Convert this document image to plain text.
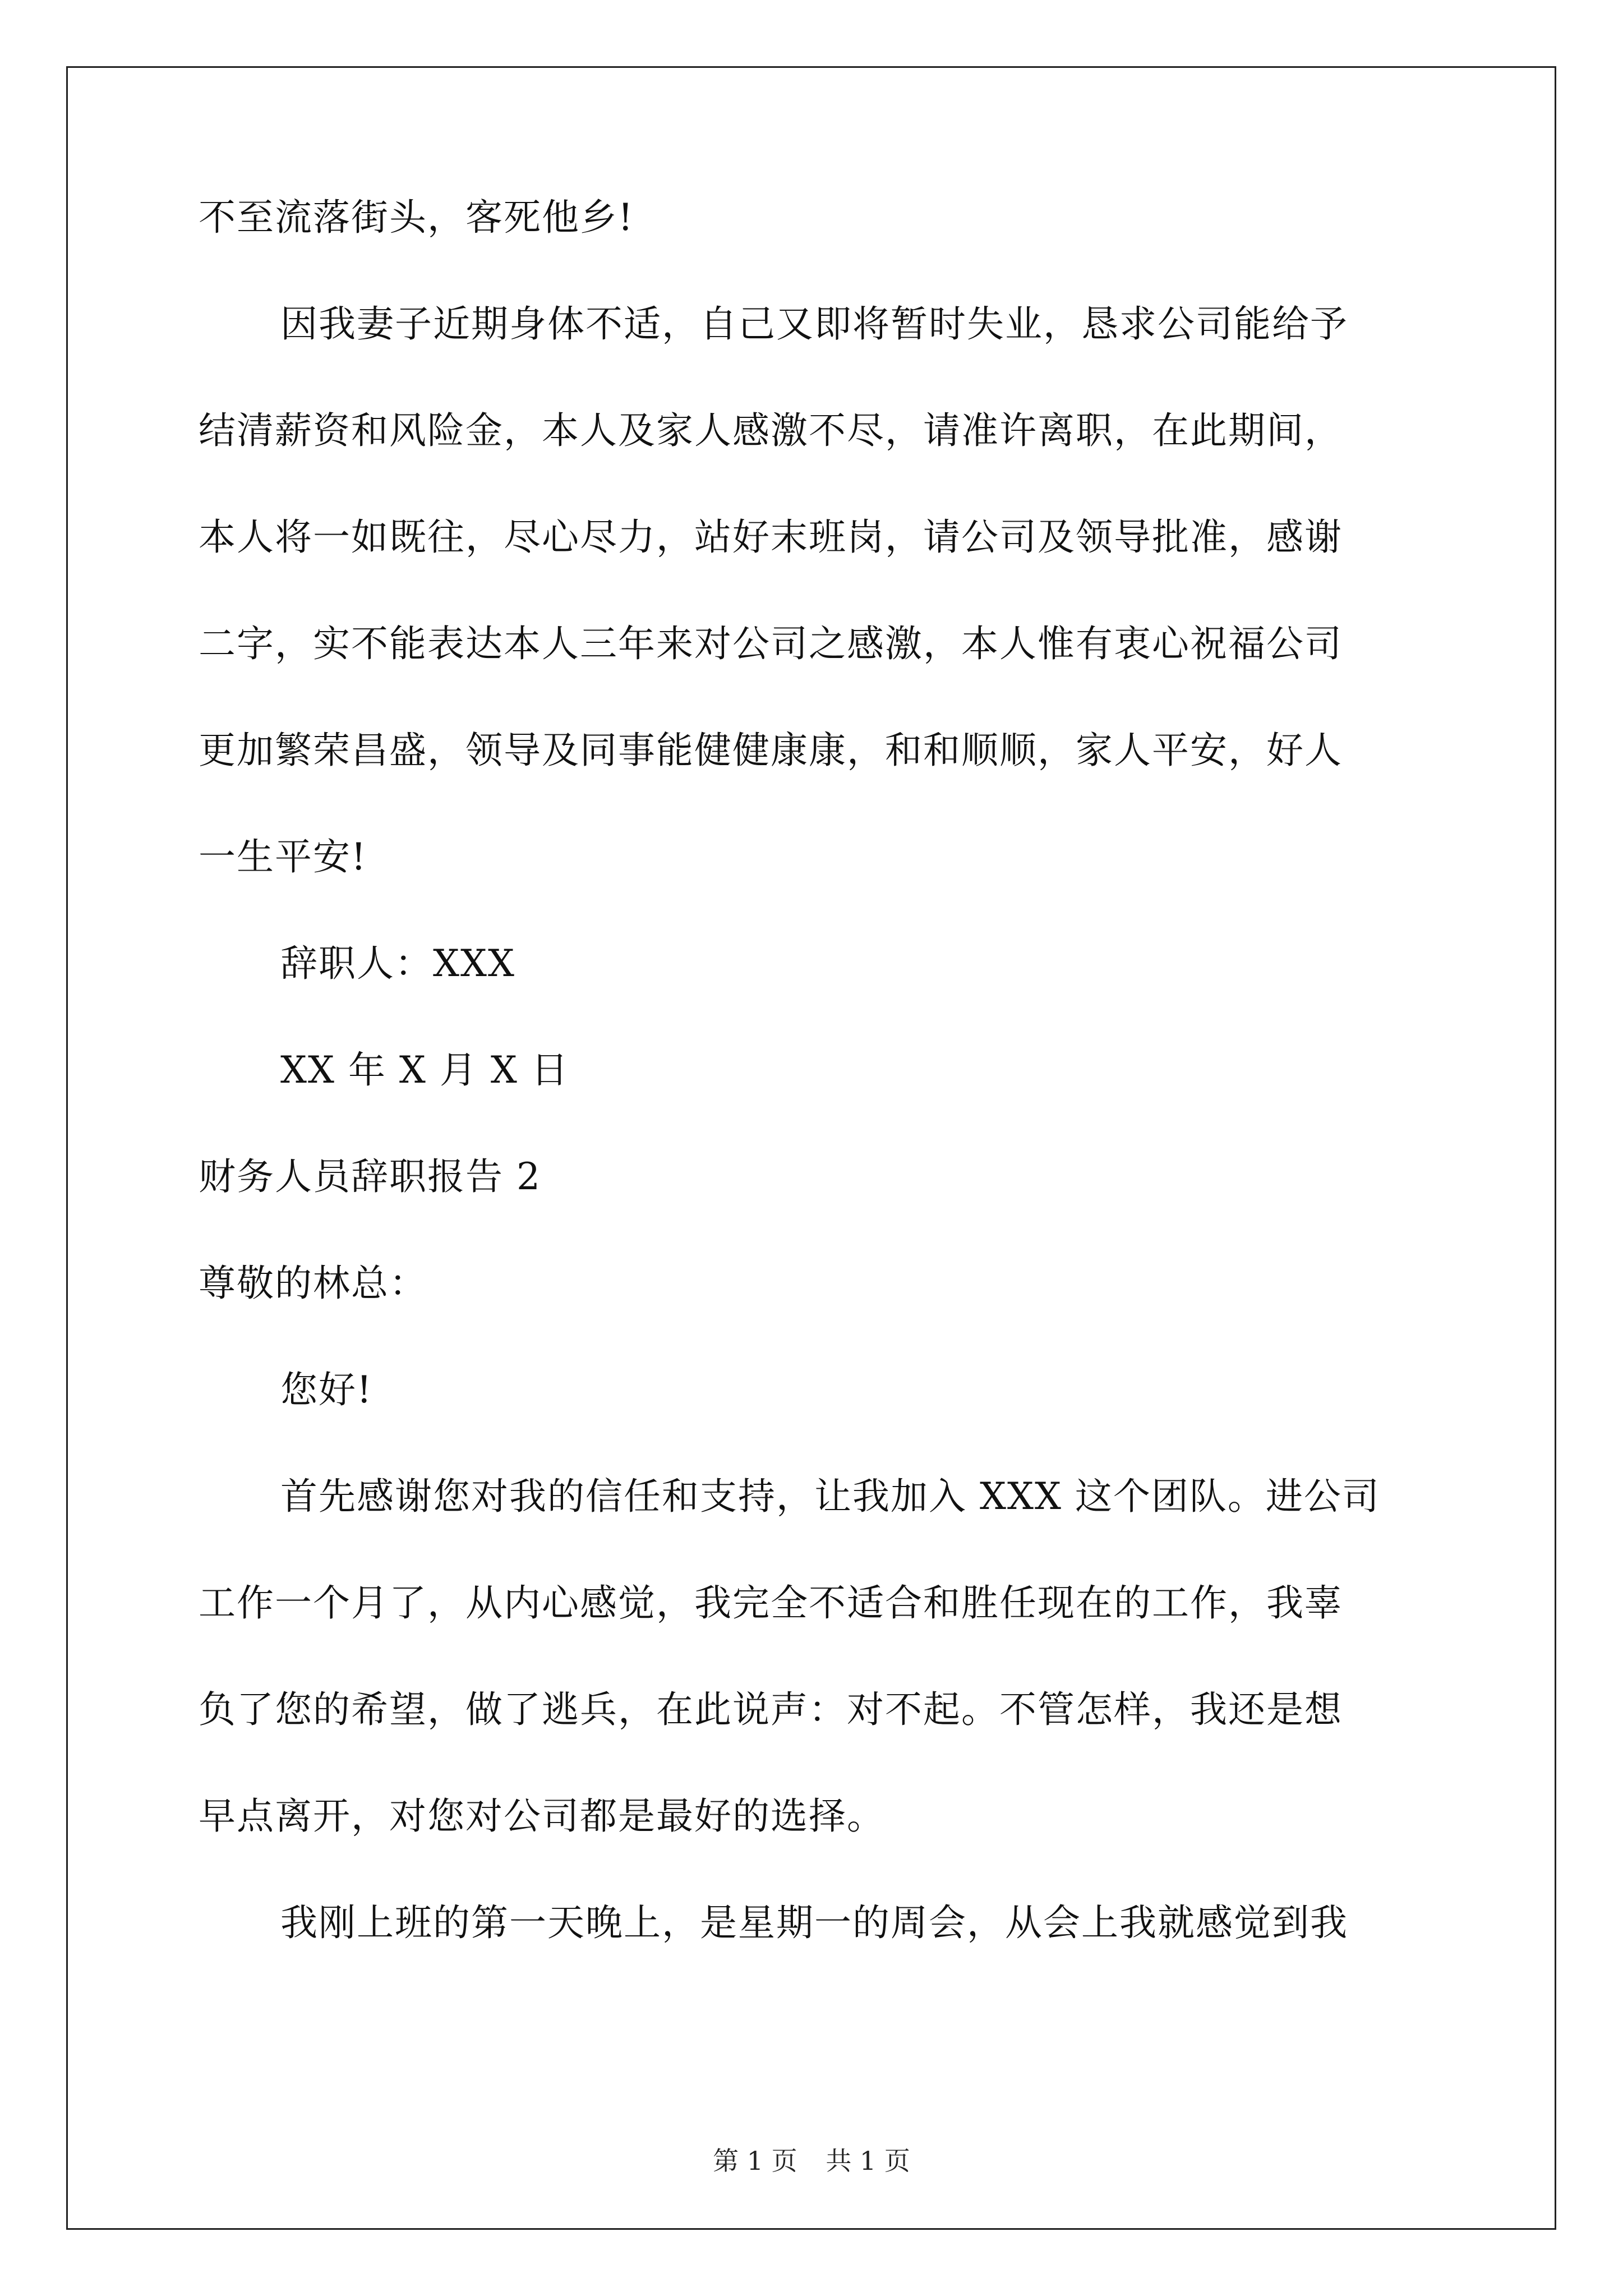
不至流落街头，客死他乡!
因我妻子近期身体不适，自己又即将暂时失业，恳求公司能给予
结清薪资和风险金，本人及家人感激不尽，请准许离职，在此期间，
本人将一如既往，尽心尽力，站好末班岗，请公司及领导批准，感谢
二字，实不能表达本人三年来对公司之感激，本人惟有衷心祝福公司
更加繁荣昌盛，领导及同事能健健康康，和和顺顺，家人平安，好人
一生平安!
辞职人：XXX
XX 年 X 月 X 日
财务人员辞职报告 2
尊敬的林总：
您好!
首先感谢您对我的信任和支持，让我加入 XXX 这个团队。进公司
工作一个月了，从内心感觉，我完全不适合和胜任现在的工作，我辜
负了您的希望，做了逃兵，在此说声：对不起。不管怎样，我还是想
早点离开，对您对公司都是最好的选择。
我刚上班的第一天晚上，是星期一的周会，从会上我就感觉到我
第 1 页 共 1 页
